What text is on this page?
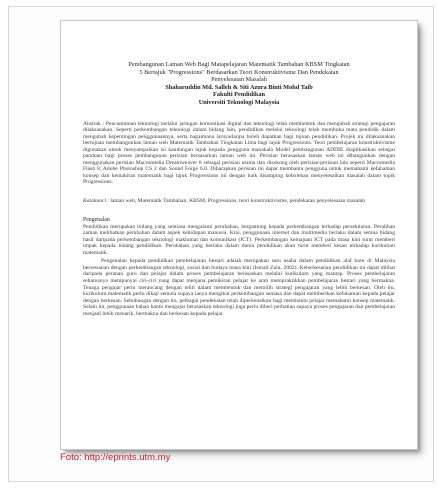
Pembangunan Laman Web Bagi Matapelajaran Matematik Tambahan KBSM Tingkatan
5 Bertajuk "Progressions" Berdasarkan Teori Konstruktivisme Dan Pendekatan
Penyelesaian Masalah
Shaharuddin Md. Salleh & Siti Azura Binti Mohd Taib
Fakulti Pendidikan
Universiti Teknologi Malaysia
Abstrak : Pencantuman teknologi melalui jaringan komunikasi digital dan teknologi telah membentuk dan mengubah strategi pengajaran dilaksanakan. Seperti perkembangan teknologi dalam bidang lain, pendidikan melalui teknologi telah membuka mata pendidik dalam mengubah kepentingan penggunaannya, serta bagaimana laruyadaripa boleh dapatkan bagi tujuan pendidikan. Projek ini dilaksanakan bertujuan membangunkan laman web Matematik Tambahan Tingkatan Lima bagi tajuk Progressions. Teori pembelajaran konstruktivisme digunakan untuk menyampaikan isi kandungan tajuk kepada pengguna manakala Model pembangunan ADDIE diaplikasikan sebagai panduan bagi proses pembangunan perisian bersasarkan laman web ini. Perisian berasaskan laman web ini dibangunkan dengan menggunakan perisian Macromedia Dreamweaver 8 sebagai perisian utama dan disokong oleh perisian-perisian lain seperti Macromedia Flash 8, Adobe Photoshop CS 2 dan Sound Forge 6.0. Diharapkan perisian ini dapat membantu pengguna untuk memahami kefahaman konsep dan kemahiran matematik bagi tajuk Progressions ini dengan baik disamping kebolehan menyelesaikan masalah dalam topik Progressions.
Katakunci : laman web, Matematik Tambahan, KBSM, Progressions, teori konstruktivisme, pendekatan penyelesaian masalah
Pengenalan
Pendidikan merupakan bidang yang sentiasa mengalami perubahan, bergantung kepada perkembangan terhadap persekitaran. Peralihan zaman melibatkan perubahan dalam aspek kehidupan manusia. Kini, penggunaan internet dan multimedia berlaku dalam semua bidang hasil daripada perkembangan teknologi maklumat dan komunikasi (ICT). Perkembangan kemajuan ICT pada masa kini turut memberi impak kepada bidang pendidikan. Perubahan yang berlaku dalam dunia pendidikan akan turut memberi kesan terhadap kurikulum matematik.
Pengenalan kepada pendidikan pembelajaran bestari adalah merupakan satu usaha dalam pendidikan alaf baru di Malaysia bersesuaian dengan perkembangan teknologi, sosial dan budaya masa kini (Ismail Zain, 2002). Keberkesanan pendidikan ini dapat dilihat daripada peranan guru dan pelajar dalam proses pembelajaran berasaskan melalui kurikulum yang mantap. Proses pembelajaran seharusnya mempunyai ciri-ciri yang dapat menjana pemikiran pelajar ke arah mempraktikkan pembelajaran bestari yang bermakna. Tenaga pengajar perlu merancang dengan teliti dalam membentuk dan memilih strategi pengajaran yang lebih berkesan. Oleh itu, kurikulum matematik perlu dikaji semula supaya ianya mengikut perkembangan semasa dan dapat memberikan kefahaman kepada pelajar dengan berkesan. Sehubungan dengan itu, pelbagai pendekatan telah diperkenalkan bagi membantu pelajar memahami konsep matematik. Selain itu, penggunaan bahan bantu mengajar berasaskan teknologi juga perlu diberi perhatian supaya proses pengajaran dan pembelajaran menjadi lebih menarik, bermakna dan berkesan kepada pelajar.
Foto: http://eprints.utm.my
